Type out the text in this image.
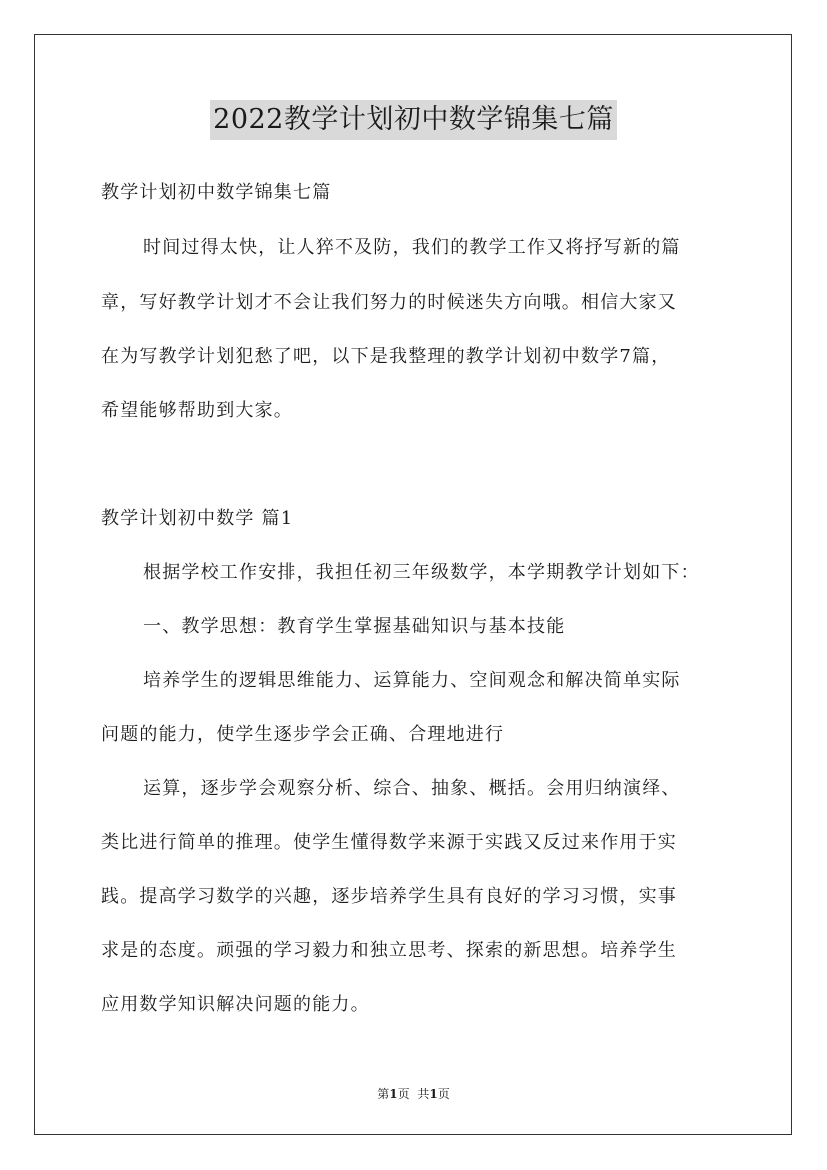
2022教学计划初中数学锦集七篇
教学计划初中数学锦集七篇
时间过得太快，让人猝不及防，我们的教学工作又将抒写新的篇
章，写好教学计划才不会让我们努力的时候迷失方向哦。相信大家又
在为写教学计划犯愁了吧，以下是我整理的教学计划初中数学7篇，
希望能够帮助到大家。
教学计划初中数学 篇1
根据学校工作安排，我担任初三年级数学，本学期教学计划如下：
一、教学思想：教育学生掌握基础知识与基本技能
培养学生的逻辑思维能力、运算能力、空间观念和解决简单实际
问题的能力，使学生逐步学会正确、合理地进行
运算，逐步学会观察分析、综合、抽象、概括。会用归纳演绎、
类比进行简单的推理。使学生懂得数学来源于实践又反过来作用于实
践。提高学习数学的兴趣，逐步培养学生具有良好的学习习惯，实事
求是的态度。顽强的学习毅力和独立思考、探索的新思想。培养学生
应用数学知识解决问题的能力。
第1页 共1页
